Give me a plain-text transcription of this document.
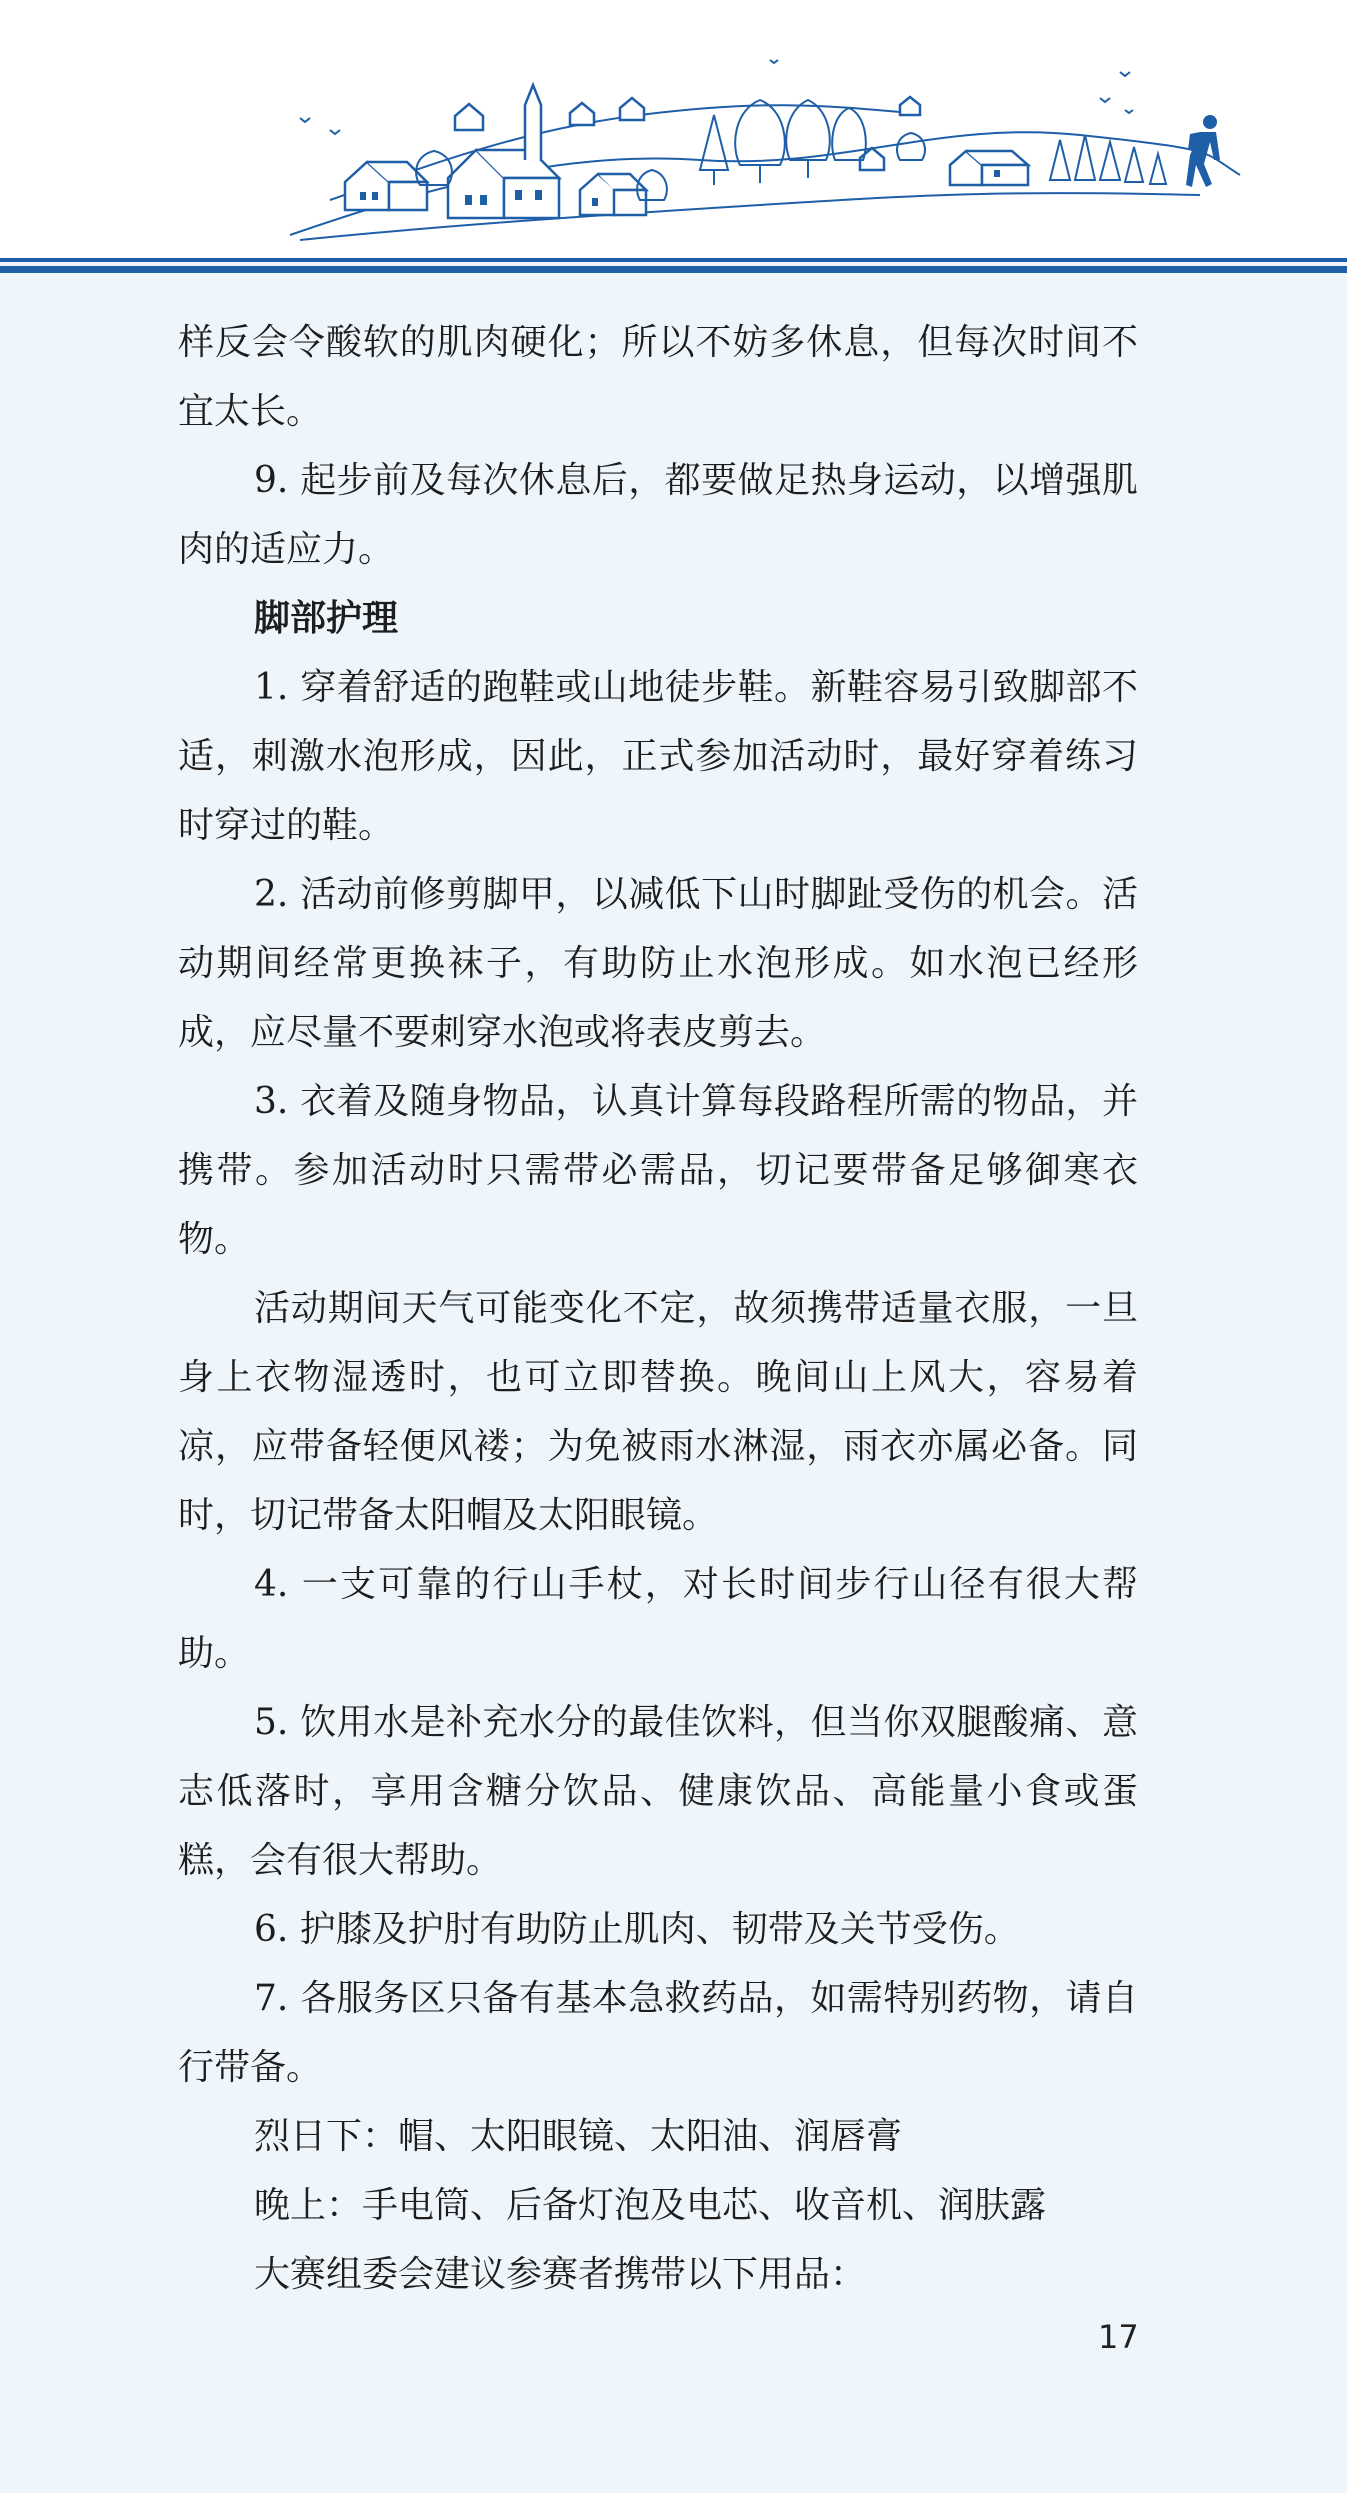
样反会令酸软的肌肉硬化；所以不妨多休息，但每次时间不宜太长。

9. 起步前及每次休息后，都要做足热身运动，以增强肌肉的适应力。

脚部护理

1. 穿着舒适的跑鞋或山地徒步鞋。新鞋容易引致脚部不适，刺激水泡形成，因此，正式参加活动时，最好穿着练习时穿过的鞋。

2. 活动前修剪脚甲，以减低下山时脚趾受伤的机会。活动期间经常更换袜子，有助防止水泡形成。如水泡已经形成，应尽量不要刺穿水泡或将表皮剪去。

3. 衣着及随身物品，认真计算每段路程所需的物品，并携带。参加活动时只需带必需品，切记要带备足够御寒衣物。

活动期间天气可能变化不定，故须携带适量衣服，一旦身上衣物湿透时，也可立即替换。晚间山上风大，容易着凉，应带备轻便风褛；为免被雨水淋湿，雨衣亦属必备。同时，切记带备太阳帽及太阳眼镜。

4. 一支可靠的行山手杖，对长时间步行山径有很大帮助。

5. 饮用水是补充水分的最佳饮料，但当你双腿酸痛、意志低落时，享用含糖分饮品、健康饮品、高能量小食或蛋糕，会有很大帮助。

6. 护膝及护肘有助防止肌肉、韧带及关节受伤。

7. 各服务区只备有基本急救药品，如需特别药物，请自行带备。

烈日下：帽、太阳眼镜、太阳油、润唇膏

晚上：手电筒、后备灯泡及电芯、收音机、润肤露

大赛组委会建议参赛者携带以下用品：

17
